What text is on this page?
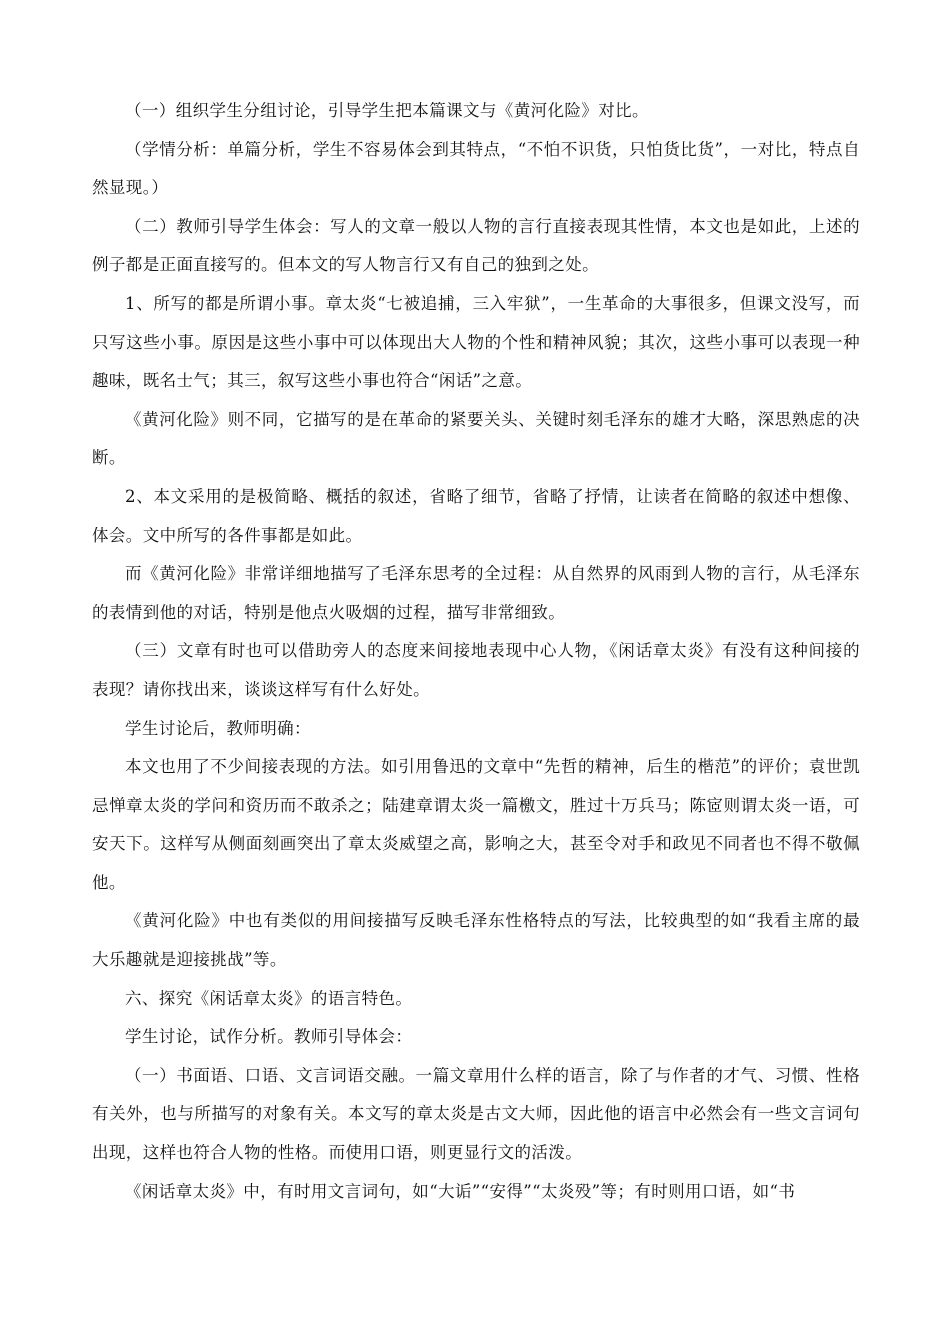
（一）组织学生分组讨论，引导学生把本篇课文与《黄河化险》对比。

（学情分析：单篇分析，学生不容易体会到其特点，“不怕不识货，只怕货比货”，一对比，特点自然显现。）

（二）教师引导学生体会：写人的文章一般以人物的言行直接表现其性情，本文也是如此，上述的例子都是正面直接写的。但本文的写人物言行又有自己的独到之处。

1、所写的都是所谓小事。章太炎“七被追捕，三入牢狱”，一生革命的大事很多，但课文没写，而只写这些小事。原因是这些小事中可以体现出大人物的个性和精神风貌；其次，这些小事可以表现一种趣味，既名士气；其三，叙写这些小事也符合“闲话”之意。

《黄河化险》则不同，它描写的是在革命的紧要关头、关键时刻毛泽东的雄才大略，深思熟虑的决断。

2、本文采用的是极简略、概括的叙述，省略了细节，省略了抒情，让读者在简略的叙述中想像、体会。文中所写的各件事都是如此。

而《黄河化险》非常详细地描写了毛泽东思考的全过程：从自然界的风雨到人物的言行，从毛泽东的表情到他的对话，特别是他点火吸烟的过程，描写非常细致。

（三）文章有时也可以借助旁人的态度来间接地表现中心人物，《闲话章太炎》有没有这种间接的表现？请你找出来，谈谈这样写有什么好处。

学生讨论后，教师明确：

本文也用了不少间接表现的方法。如引用鲁迅的文章中“先哲的精神，后生的楷范”的评价；袁世凯忌惮章太炎的学问和资历而不敢杀之；陆建章谓太炎一篇檄文，胜过十万兵马；陈宧则谓太炎一语，可安天下。这样写从侧面刻画突出了章太炎威望之高，影响之大，甚至令对手和政见不同者也不得不敬佩他。

《黄河化险》中也有类似的用间接描写反映毛泽东性格特点的写法，比较典型的如“我看主席的最大乐趣就是迎接挑战”等。

六、探究《闲话章太炎》的语言特色。

学生讨论，试作分析。教师引导体会：

（一）书面语、口语、文言词语交融。一篇文章用什么样的语言，除了与作者的才气、习惯、性格有关外，也与所描写的对象有关。本文写的章太炎是古文大师，因此他的语言中必然会有一些文言词句出现，这样也符合人物的性格。而使用口语，则更显行文的活泼。

《闲话章太炎》中，有时用文言词句，如“大诟”“安得”“太炎殁”等；有时则用口语，如“书
